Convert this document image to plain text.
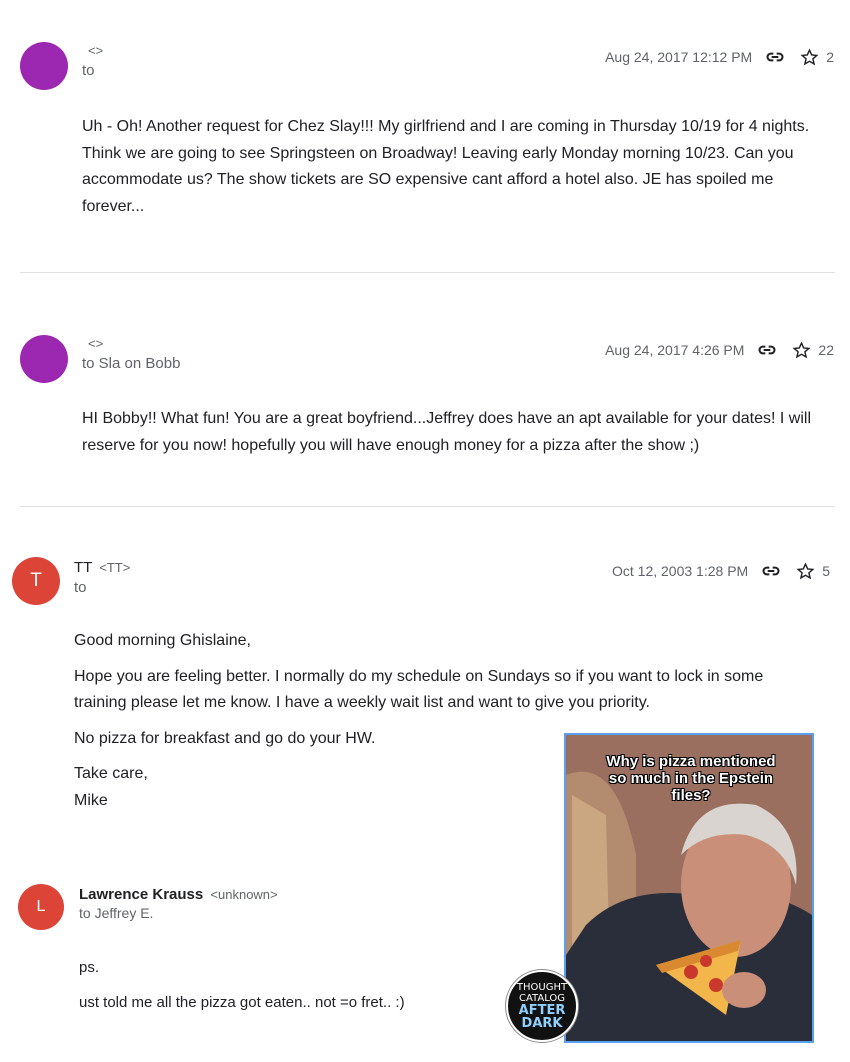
<>
to
Aug 24, 2017 12:12 PM	2

Uh - Oh! Another request for Chez Slay!!! My girlfriend and I are coming in Thursday 10/19 for 4 nights. Think we are going to see Springsteen on Broadway! Leaving early Monday morning 10/23. Can you accommodate us? The show tickets are SO expensive cant afford a hotel also. JE has spoiled me forever...

<>
to Sla on Bobb
Aug 24, 2017 4:26 PM	22

HI Bobby!! What fun! You are a great boyfriend...Jeffrey does have an apt available for your dates! I will reserve for you now! hopefully you will have enough money for a pizza after the show ;)

T
TT <TT>
to
Oct 12, 2003 1:28 PM	5

Good morning Ghislaine,

Hope you are feeling better. I normally do my schedule on Sundays so if you want to lock in some training please let me know. I have a weekly wait list and want to give you priority.

No pizza for breakfast and go do your HW.

Take care,

Mike

L
Lawrence Krauss <unknown>
to Jeffrey E.

ps.

ust told me all the pizza got eaten.. not =o fret.. :)

Why is pizza mentioned so much in the Epstein files?
THOUGHT
CATALOG
AFTER
DARK
